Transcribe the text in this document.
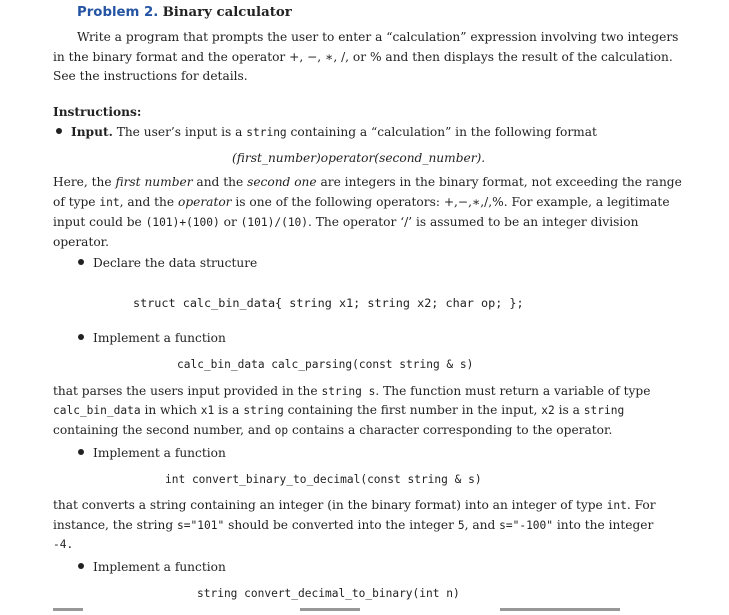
Problem 2. Binary calculator
Write a program that prompts the user to enter a “calculation” expression involving two integers
in the binary format and the operator +, −, ∗, /, or % and then displays the result of the calculation.
See the instructions for details.
Instructions:
Input. The user’s input is a string containing a “calculation” in the following format
(first_number)operator(second_number).
Here, the first number and the second one are integers in the binary format, not exceeding the range
of type int, and the operator is one of the following operators: +,−,∗,/,%. For example, a legitimate
input could be (101)+(100) or (101)/(10). The operator ‘/’ is assumed to be an integer division
operator.
Declare the data structure
struct calc_bin_data{ string x1; string x2; char op; };
Implement a function
calc_bin_data calc_parsing(const string & s)
that parses the users input provided in the string s. The function must return a variable of type
calc_bin_data in which x1 is a string containing the first number in the input, x2 is a string
containing the second number, and op contains a character corresponding to the operator.
Implement a function
int convert_binary_to_decimal(const string & s)
that converts a string containing an integer (in the binary format) into an integer of type int. For
instance, the string s="101" should be converted into the integer 5, and s="-100" into the integer
-4.
Implement a function
string convert_decimal_to_binary(int n)
